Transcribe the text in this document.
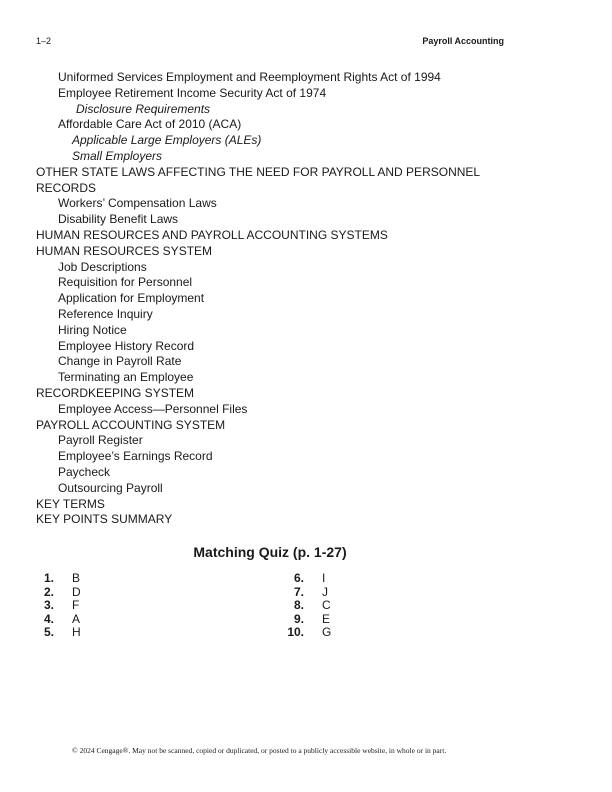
1–2	Payroll Accounting
Uniformed Services Employment and Reemployment Rights Act of 1994
Employee Retirement Income Security Act of 1974
Disclosure Requirements
Affordable Care Act of 2010 (ACA)
Applicable Large Employers (ALEs)
Small Employers
OTHER STATE LAWS AFFECTING THE NEED FOR PAYROLL AND PERSONNEL RECORDS
Workers’ Compensation Laws
Disability Benefit Laws
HUMAN RESOURCES AND PAYROLL ACCOUNTING SYSTEMS
HUMAN RESOURCES SYSTEM
Job Descriptions
Requisition for Personnel
Application for Employment
Reference Inquiry
Hiring Notice
Employee History Record
Change in Payroll Rate
Terminating an Employee
RECORDKEEPING SYSTEM
Employee Access—Personnel Files
PAYROLL ACCOUNTING SYSTEM
Payroll Register
Employee’s Earnings Record
Paycheck
Outsourcing Payroll
KEY TERMS
KEY POINTS SUMMARY
Matching Quiz (p. 1-27)
1. B
2. D
3. F
4. A
5. H
6. I
7. J
8. C
9. E
10. G
© 2024 Cengage®. May not be scanned, copied or duplicated, or posted to a publicly accessible website, in whole or in part.
